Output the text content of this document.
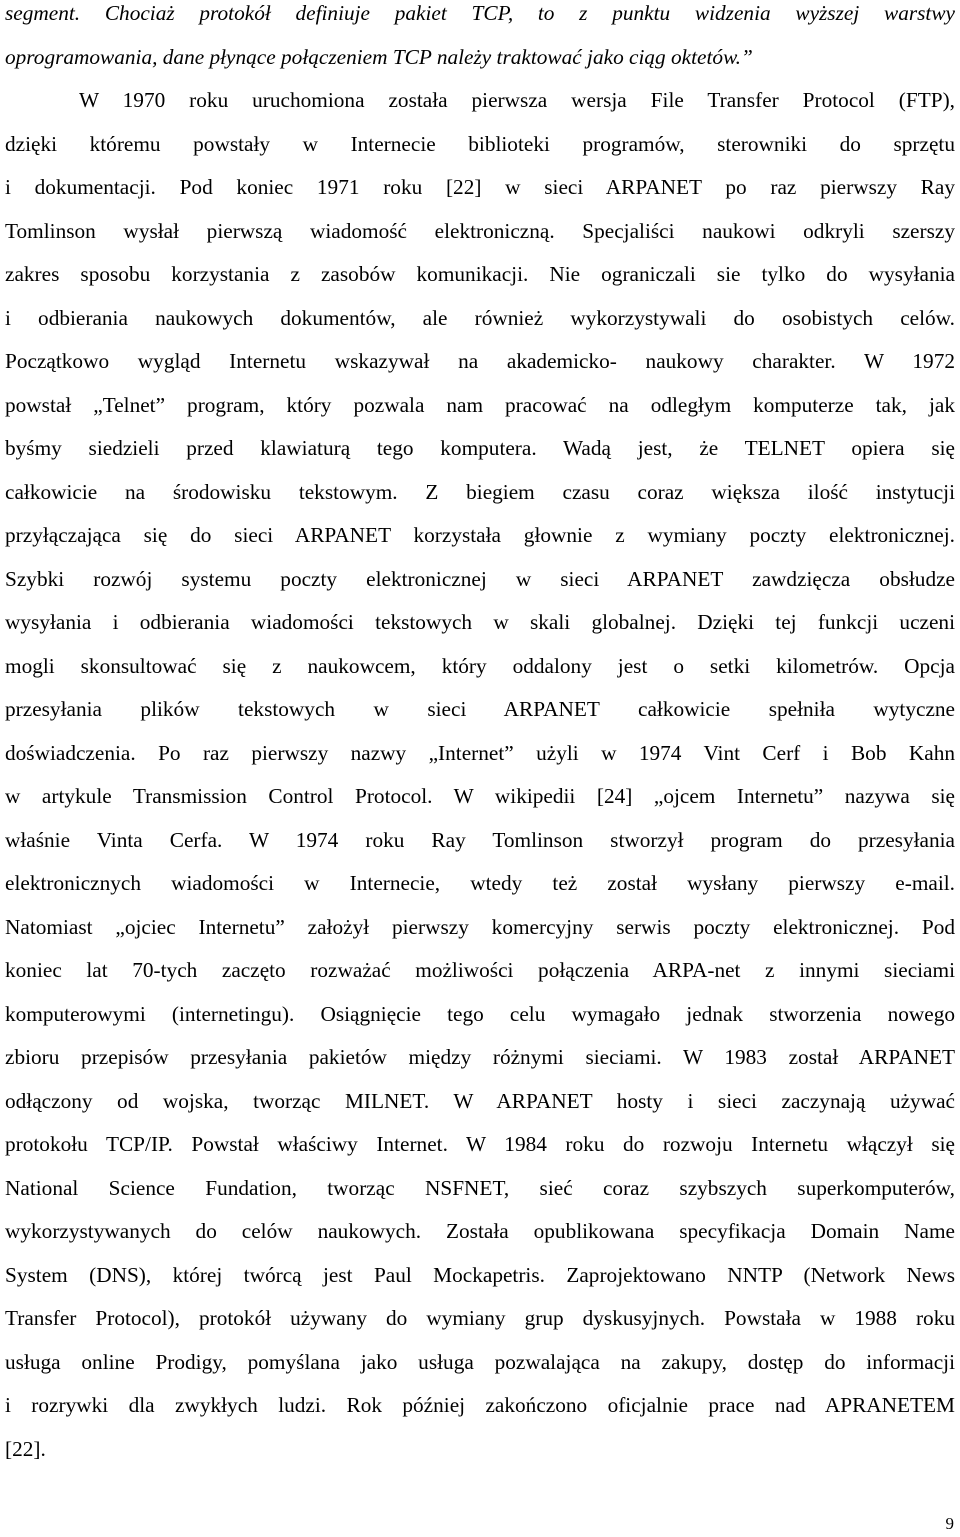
segment. Chociaż protokół definiuje pakiet TCP, to z punktu widzenia wyższej warstwy
oprogramowania, dane płynące połączeniem TCP należy traktować jako ciąg oktetów.”
W 1970 roku uruchomiona została pierwsza wersja File Transfer Protocol (FTP),
dzięki któremu powstały w Internecie biblioteki programów, sterowniki do sprzętu
i dokumentacji. Pod koniec 1971 roku [22] w sieci ARPANET po raz pierwszy Ray
Tomlinson wysłał pierwszą wiadomość elektroniczną. Specjaliści naukowi odkryli szerszy
zakres sposobu korzystania z zasobów komunikacji. Nie ograniczali sie tylko do wysyłania
i odbierania naukowych dokumentów, ale również wykorzystywali do osobistych celów.
Początkowo wygląd Internetu wskazywał na akademicko- naukowy charakter. W 1972
powstał „Telnet” program, który pozwala nam pracować na odległym komputerze tak, jak
byśmy siedzieli przed klawiaturą tego komputera. Wadą jest, że TELNET opiera się
całkowicie na środowisku tekstowym. Z biegiem czasu coraz większa ilość instytucji
przyłączająca się do sieci ARPANET korzystała głownie z wymiany poczty elektronicznej.
Szybki rozwój systemu poczty elektronicznej w sieci ARPANET zawdzięcza obsłudze
wysyłania i odbierania wiadomości tekstowych w skali globalnej. Dzięki tej funkcji uczeni
mogli skonsultować się z naukowcem, który oddalony jest o setki kilometrów. Opcja
przesyłania plików tekstowych w sieci ARPANET całkowicie spełniła wytyczne
doświadczenia. Po raz pierwszy nazwy „Internet” użyli w 1974 Vint Cerf i Bob Kahn
w artykule Transmission Control Protocol. W wikipedii [24] „ojcem Internetu” nazywa się
właśnie Vinta Cerfa. W 1974 roku Ray Tomlinson stworzył program do przesyłania
elektronicznych wiadomości w Internecie, wtedy też został wysłany pierwszy e-mail.
Natomiast „ojciec Internetu” założył pierwszy komercyjny serwis poczty elektronicznej. Pod
koniec lat 70-tych zaczęto rozważać możliwości połączenia ARPA-net z innymi sieciami
komputerowymi (internetingu). Osiągnięcie tego celu wymagało jednak stworzenia nowego
zbioru przepisów przesyłania pakietów między różnymi sieciami. W 1983 został ARPANET
odłączony od wojska, tworząc MILNET. W ARPANET hosty i sieci zaczynają używać
protokołu TCP/IP. Powstał właściwy Internet. W 1984 roku do rozwoju Internetu włączył się
National Science Fundation, tworząc NSFNET, sieć coraz szybszych superkomputerów,
wykorzystywanych do celów naukowych. Została opublikowana specyfikacja Domain Name
System (DNS), której twórcą jest Paul Mockapetris. Zaprojektowano NNTP (Network News
Transfer Protocol), protokół używany do wymiany grup dyskusyjnych. Powstała w 1988 roku
usługa online Prodigy, pomyślana jako usługa pozwalająca na zakupy, dostęp do informacji
i rozrywki dla zwykłych ludzi. Rok później zakończono oficjalnie prace nad APRANETEM
[22].
9
